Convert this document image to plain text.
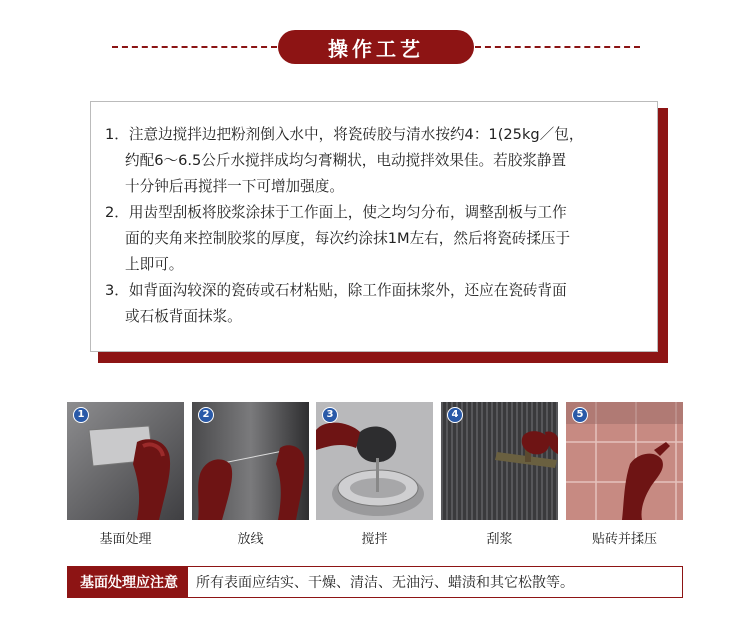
操作工艺
1．注意边搅拌边把粉剂倒入水中，将瓷砖胶与清水按约4：1(25kg／包，
约配6～6.5公斤水搅拌成均匀膏糊状，电动搅拌效果佳。若胶浆静置
十分钟后再搅拌一下可增加强度。
2．用齿型刮板将胶浆涂抹于工作面上，使之均匀分布，调整刮板与工作
面的夹角来控制胶浆的厚度，每次约涂抹1M左右，然后将瓷砖揉压于
上即可。
3．如背面沟较深的瓷砖或石材粘贴，除工作面抹浆外，还应在瓷砖背面
或石板背面抹浆。
1	2	3	4	5
基面处理	放线	搅拌	刮浆	贴砖并揉压
基面处理应注意	所有表面应结实、干燥、清洁、无油污、蜡渍和其它松散等。
